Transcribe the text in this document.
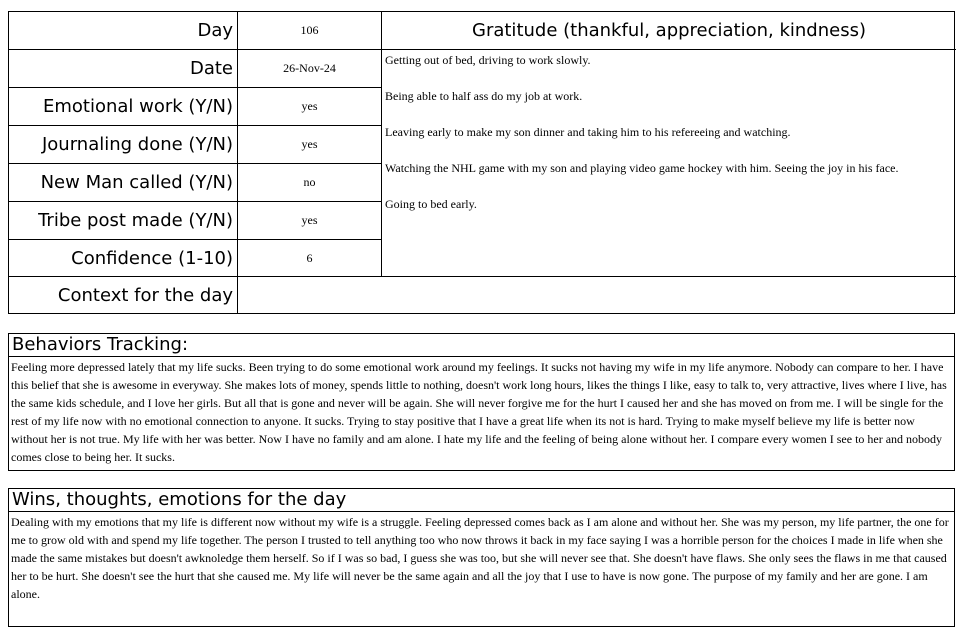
Day	106
Date	26-Nov-24
Emotional work (Y/N)	yes
Journaling done (Y/N)	yes
New Man called (Y/N)	no
Tribe post made (Y/N)	yes
Confidence (1-10)	6
Context for the day
Gratitude (thankful, appreciation, kindness)
Getting out of bed, driving to work slowly.
Being able to half ass do my job at work.
Leaving early to make my son dinner and taking him to his refereeing and watching.
Watching the NHL game with my son and playing video game hockey with him. Seeing the joy in his face.
Going to bed early.
Behaviors Tracking:
Feeling more depressed lately that my life sucks. Been trying to do some emotional work around my feelings. It sucks not having my wife in my life anymore. Nobody can compare to her. I have this belief that she is awesome in everyway. She makes lots of money, spends little to nothing, doesn't work long hours, likes the things I like, easy to talk to, very attractive, lives where I live, has the same kids schedule, and I love her girls. But all that is gone and never will be again. She will never forgive me for the hurt I caused her and she has moved on from me. I will be single for the rest of my life now with no emotional connection to anyone. It sucks. Trying to stay positive that I have a great life when its not is hard. Trying to make myself believe my life is better now without her is not true. My life with her was better. Now I have no family and am alone. I hate my life and the feeling of being alone without her. I compare every women I see to her and nobody comes close to being her. It sucks.
Wins, thoughts, emotions for the day
Dealing with my emotions that my life is different now without my wife is a struggle. Feeling depressed comes back as I am alone and without her. She was my person, my life partner, the one for me to grow old with and spend my life together. The person I trusted to tell anything too who now throws it back in my face saying I was a horrible person for the choices I made in life when she made the same mistakes but doesn't awknoledge them herself. So if I was so bad, I guess she was too, but she will never see that. She doesn't have flaws. She only sees the flaws in me that caused her to be hurt. She doesn't see the hurt that she caused me. My life will never be the same again and all the joy that I use to have is now gone. The purpose of my family and her are gone. I am alone.
